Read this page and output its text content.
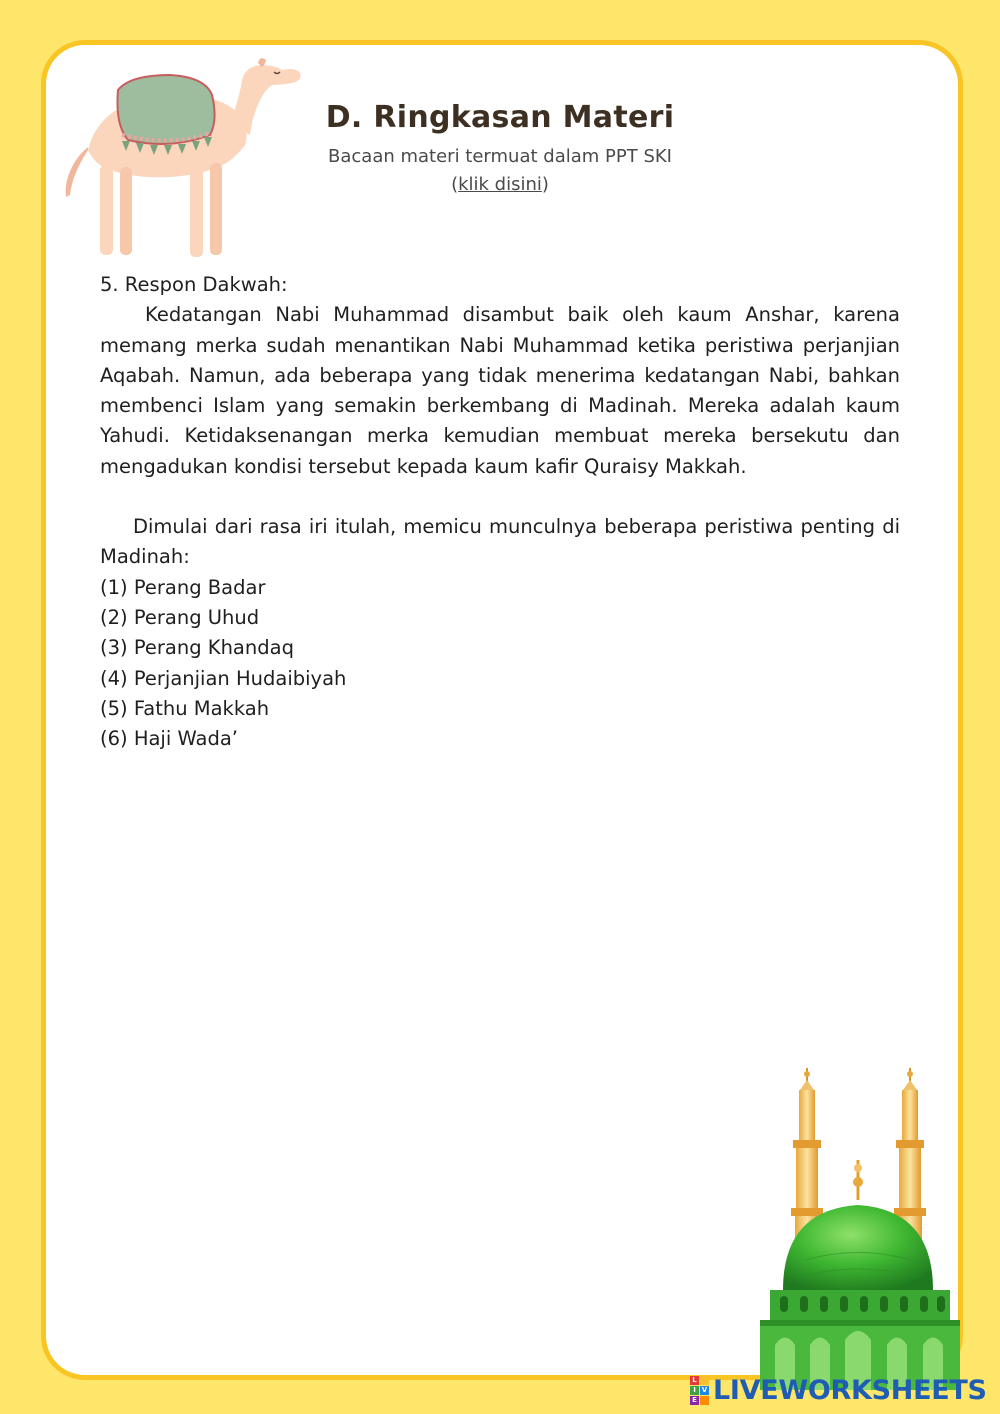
D. Ringkasan Materi
Bacaan materi termuat dalam PPT SKI
(klik disini)

5. Respon Dakwah:

Kedatangan Nabi Muhammad disambut baik oleh kaum Anshar, karena memang merka sudah menantikan Nabi Muhammad ketika peristiwa perjanjian Aqabah. Namun, ada beberapa yang tidak menerima kedatangan Nabi, bahkan membenci Islam yang semakin berkembang di Madinah. Mereka adalah kaum Yahudi. Ketidaksenangan merka kemudian membuat mereka bersekutu dan mengadukan kondisi tersebut kepada kaum kafir Quraisy Makkah.

Dimulai dari rasa iri itulah, memicu munculnya beberapa peristiwa penting di Madinah:

(1) Perang Badar
(2) Perang Uhud
(3) Perang Khandaq
(4) Perjanjian Hudaibiyah
(5) Fathu Makkah
(6) Haji Wada’
L
I V
E LIVEWORKSHEETS
